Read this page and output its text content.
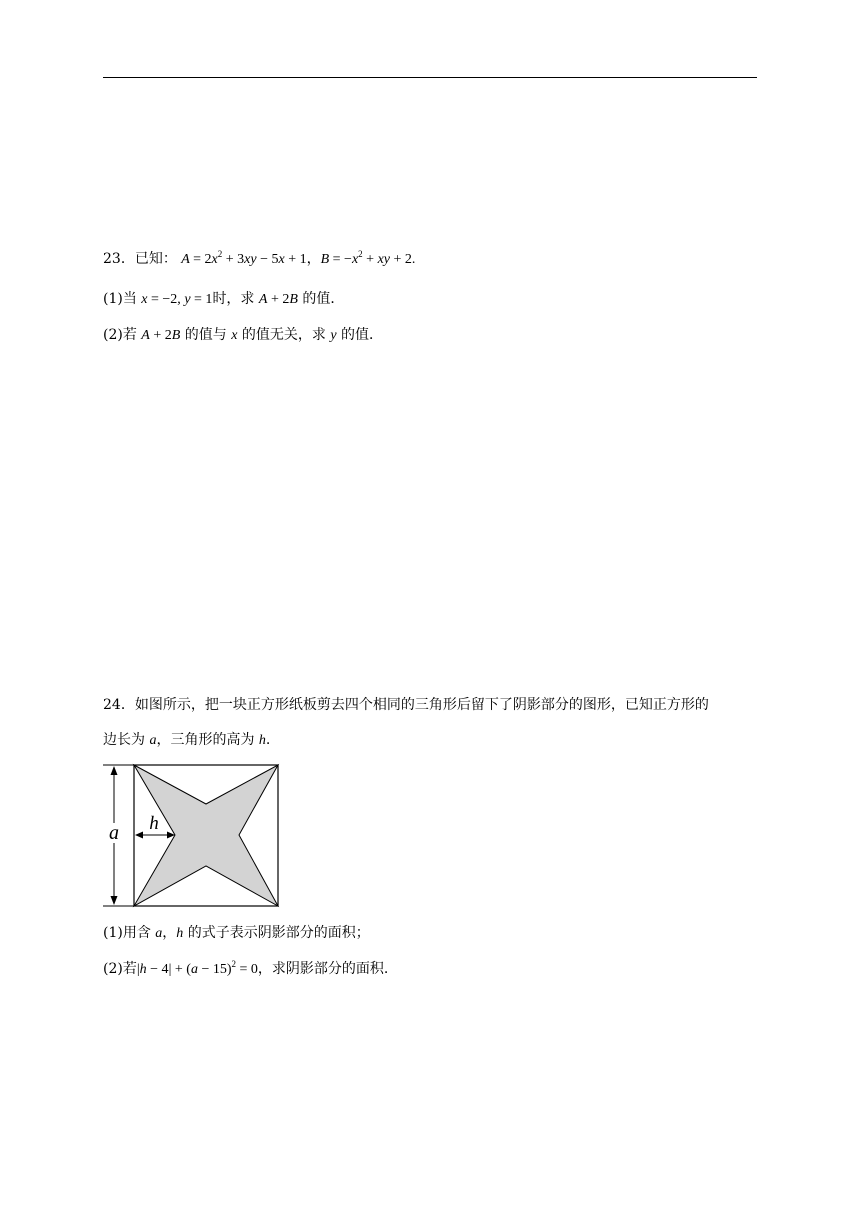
23．已知： $A = 2x^2 + 3xy - 5x + 1$，$B = -x^2$ + xy + 2.
(1)当 x = −2, y = 1时，求 A + 2B 的值．
(2)若 A + 2B 的值与 x 的值无关，求 y 的值．
24．如图所示，把一块正方形纸板剪去四个相同的三角形后留下了阴影部分的图形，已知正方形的
边长为 a，三角形的高为 h.
a h
(1)用含 a，h 的式子表示阴影部分的面积；
(2)若$|h - 4| + (a - 15)^2 = 0$，求阴影部分的面积.
